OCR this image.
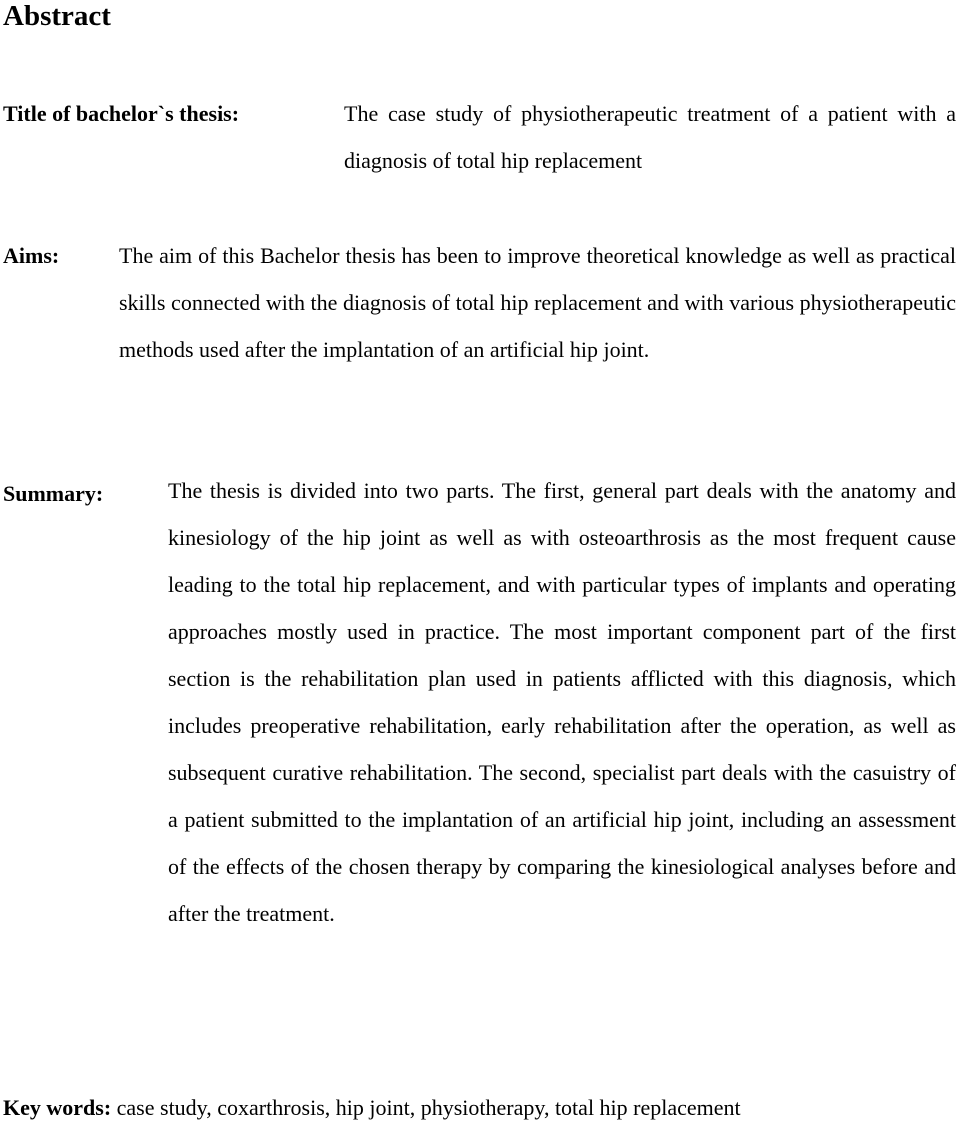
Abstract
Title of bachelor`s thesis:	The case study of physiotherapeutic treatment of a patient with a diagnosis of total hip replacement

Aims:	The aim of this Bachelor thesis has been to improve theoretical knowledge as well as practical skills connected with the diagnosis of total hip replacement and with various physiotherapeutic methods used after the implantation of an artificial hip joint.

Summary:	The thesis is divided into two parts. The first, general part deals with the anatomy and kinesiology of the hip joint as well as with osteoarthrosis as the most frequent cause leading to the total hip replacement, and with particular types of implants and operating approaches mostly used in practice. The most important component part of the first section is the rehabilitation plan used in patients afflicted with this diagnosis, which includes preoperative rehabilitation, early rehabilitation after the operation, as well as subsequent curative rehabilitation. The second, specialist part deals with the casuistry of a patient submitted to the implantation of an artificial hip joint, including an assessment of the effects of the chosen therapy by comparing the kinesiological analyses before and after the treatment.

Key words: case study, coxarthrosis, hip joint, physiotherapy, total hip replacement
